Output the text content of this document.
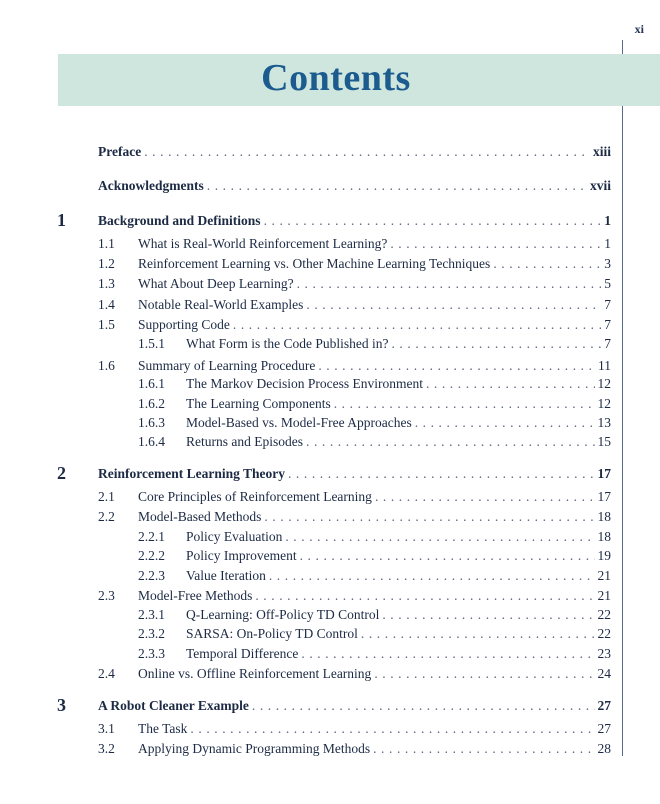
xi
Contents
Preface . . .	xiii
Acknowledgments . . .	xvii
1 Background and Definitions . . .	1
1.1 What is Real-World Reinforcement Learning? . . .	1
1.2 Reinforcement Learning vs. Other Machine Learning Techniques . . .	3
1.3 What About Deep Learning? . . .	5
1.4 Notable Real-World Examples . . .	7
1.5 Supporting Code . . .	7
1.5.1 What Form is the Code Published in? . . .	7
1.6 Summary of Learning Procedure . . .	11
1.6.1 The Markov Decision Process Environment . . .	12
1.6.2 The Learning Components . . .	12
1.6.3 Model-Based vs. Model-Free Approaches . . .	13
1.6.4 Returns and Episodes . . .	15
2 Reinforcement Learning Theory . . .	17
2.1 Core Principles of Reinforcement Learning . . .	17
2.2 Model-Based Methods . . .	18
2.2.1 Policy Evaluation . . .	18
2.2.2 Policy Improvement . . .	19
2.2.3 Value Iteration . . .	21
2.3 Model-Free Methods . . .	21
2.3.1 Q-Learning: Off-Policy TD Control . . .	22
2.3.2 SARSA: On-Policy TD Control . . .	22
2.3.3 Temporal Difference . . .	23
2.4 Online vs. Offline Reinforcement Learning . . .	24
3 A Robot Cleaner Example . . .	27
3.1 The Task . . .	27
3.2 Applying Dynamic Programming Methods . . .	28
